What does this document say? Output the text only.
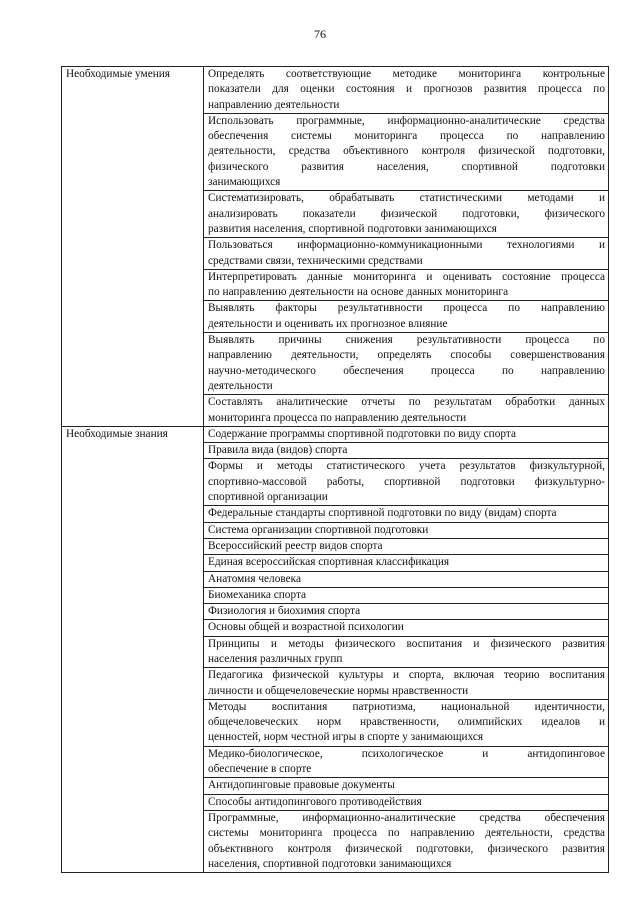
76
Необходимые умения	Определять соответствующие методике мониторинга контрольные
показатели для оценки состояния и прогнозов развития процесса по
направлению деятельности

	Использовать программные, информационно-аналитические средства
обеспечения системы мониторинга процесса по направлению
деятельности, средства объективного контроля физической подготовки,
физического развития населения, спортивной подготовки
занимающихся

	Систематизировать, обрабатывать статистическими методами и
анализировать показатели физической подготовки, физического
развития населения, спортивной подготовки занимающихся

	Пользоваться информационно-коммуникационными технологиями и
средствами связи, техническими средствами

	Интерпретировать данные мониторинга и оценивать состояние процесса
по направлению деятельности на основе данных мониторинга

	Выявлять факторы результативности процесса по направлению
деятельности и оценивать их прогнозное влияние

	Выявлять причины снижения результативности процесса по
направлению деятельности, определять способы совершенствования
научно-методического обеспечения процесса по направлению
деятельности

	Составлять аналитические отчеты по результатам обработки данных
мониторинга процесса по направлению деятельности

Необходимые знания	Содержание программы спортивной подготовки по виду спорта

	Правила вида (видов) спорта

	Формы и методы статистического учета результатов физкультурной,
спортивно-массовой работы, спортивной подготовки физкультурно-
спортивной организации

	Федеральные стандарты спортивной подготовки по виду (видам) спорта

	Система организации спортивной подготовки

	Всероссийский реестр видов спорта

	Единая всероссийская спортивная классификация

	Анатомия человека

	Биомеханика спорта

	Физиология и биохимия спорта

	Основы общей и возрастной психологии

	Принципы и методы физического воспитания и физического развития
населения различных групп

	Педагогика физической культуры и спорта, включая теорию воспитания
личности и общечеловеческие нормы нравственности

	Методы воспитания патриотизма, национальной идентичности,
общечеловеческих норм нравственности, олимпийских идеалов и
ценностей, норм честной игры в спорте у занимающихся

	Медико-биологическое, психологическое и антидопинговое
обеспечение в спорте

	Антидопинговые правовые документы

	Способы антидопингового противодействия

	Программные, информационно-аналитические средства обеспечения
системы мониторинга процесса по направлению деятельности, средства
объективного контроля физической подготовки, физического развития
населения, спортивной подготовки занимающихся
